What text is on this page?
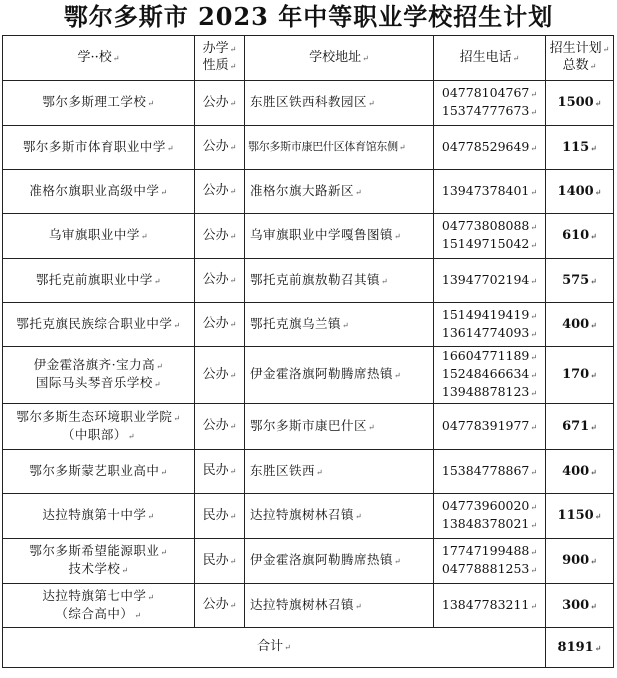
鄂尔多斯市 2023 年中等职业学校招生计划
学··校↵	办学↵
性质↵	学校地址↵	招生电话↵	招生计划↵
总数↵

鄂尔多斯理工学校↵	公办↵	东胜区铁西科教园区↵	04778104767↵
15374777673↵	1500↵
鄂尔多斯市体育职业中学↵	公办↵	鄂尔多斯市康巴什区体育馆东侧↵	04778529649↵	115↵
准格尔旗职业高级中学↵	公办↵	准格尔旗大路新区↵	13947378401↵	1400↵
乌审旗职业中学↵	公办↵	乌审旗职业中学嘎鲁图镇↵	04773808088↵
15149715042↵	610↵
鄂托克前旗职业中学↵	公办↵	鄂托克前旗敖勒召其镇↵	13947702194↵	575↵
鄂托克旗民族综合职业中学↵	公办↵	鄂托克旗乌兰镇↵	15149419419↵
13614774093↵	400↵

伊金霍洛旗齐·宝力高↵
国际马头琴音乐学校↵	公办↵	伊金霍洛旗阿勒腾席热镇↵	16604771189↵
15248466634↵
13948878123↵	170↵

鄂尔多斯生态环境职业学院↵
（中职部）↵	公办↵	鄂尔多斯市康巴什区↵	04778391977↵	671↵
鄂尔多斯蒙艺职业高中↵	民办↵	东胜区铁西↵	15384778867↵	400↵
达拉特旗第十中学↵	民办↵	达拉特旗树林召镇↵	04773960020↵
13848378021↵	1150↵

鄂尔多斯希望能源职业↵
技术学校↵	民办↵	伊金霍洛旗阿勒腾席热镇↵	17747199488↵
04778881253↵	900↵

达拉特旗第七中学↵
（综合高中）↵	公办↵	达拉特旗树林召镇↵	13847783211↵	300↵
合计↵				8191↵
